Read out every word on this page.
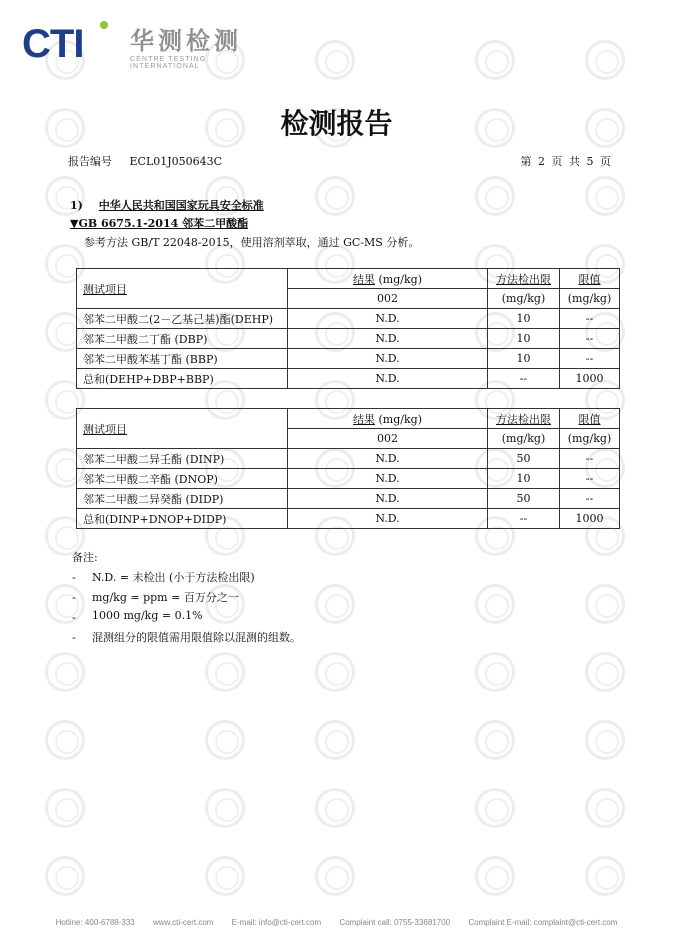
CTI 华测检测
CENTRE TESTING INTERNATIONAL
检测报告
报告编号 ECL01J050643C	第 2 页 共 5 页
1) 中华人民共和国国家玩具安全标准
▼GB 6675.1-2014 邻苯二甲酸酯
参考方法 GB/T 22048-2015，使用溶剂萃取，通过 GC-MS 分析。
测试项目	结果 (mg/kg)	方法检出限	限值
	002	(mg/kg)	(mg/kg)
邻苯二甲酸二(2－乙基己基)酯(DEHP)	N.D.	10	--
邻苯二甲酸二丁酯 (DBP)	N.D.	10	--
邻苯二甲酸苯基丁酯 (BBP)	N.D.	10	--
总和(DEHP+DBP+BBP)	N.D.	--	1000
测试项目	结果 (mg/kg)	方法检出限	限值
	002	(mg/kg)	(mg/kg)
邻苯二甲酸二异壬酯 (DINP)	N.D.	50	--
邻苯二甲酸二辛酯 (DNOP)	N.D.	10	--
邻苯二甲酸二异癸酯 (DIDP)	N.D.	50	--
总和(DINP+DNOP+DIDP)	N.D.	--	1000
备注:
- N.D. = 未检出 (小于方法检出限)
- mg/kg = ppm = 百万分之一
- 1000 mg/kg = 0.1%
- 混测组分的限值需用限值除以混测的组数。
Hotline: 400-6788-333 www.cti-cert.com E-mail: info@cti-cert.com Complaint call: 0755-33681700 Complaint E-mail: complaint@cti-cert.com
